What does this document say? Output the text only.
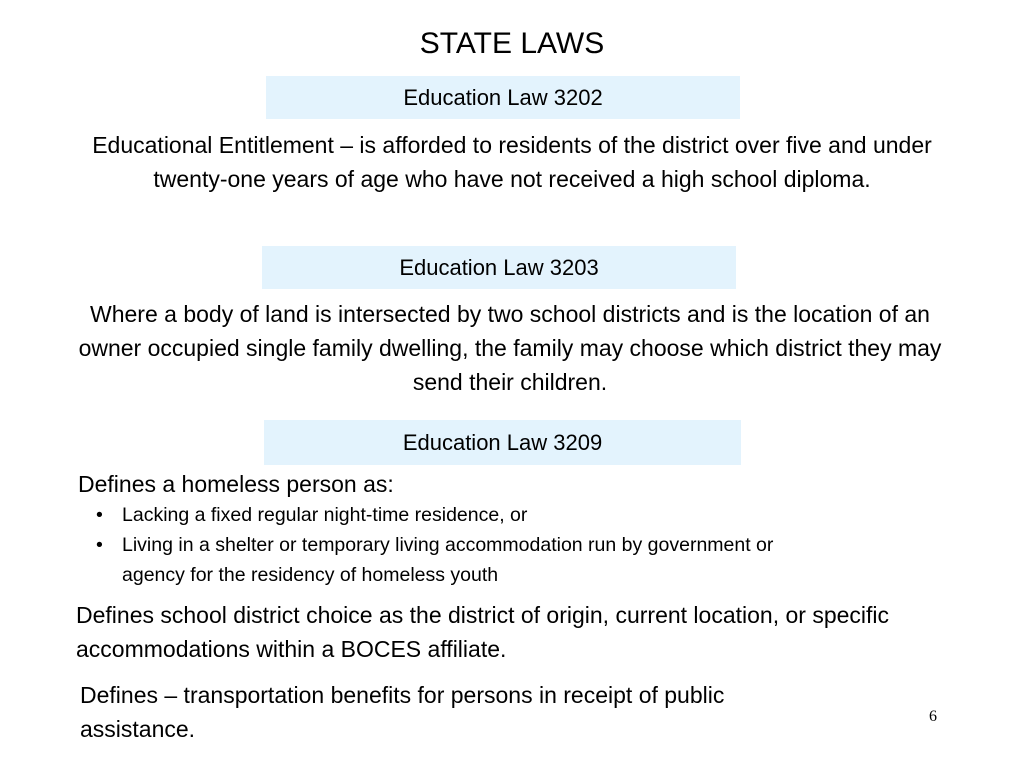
STATE LAWS
Education Law 3202

Educational Entitlement – is afforded to residents of the district over five and under twenty-one years of age who have not received a high school diploma.

Education Law 3203

Where a body of land is intersected by two school districts and is the location of an owner occupied single family dwelling, the family may choose which district they may send their children.

Education Law 3209

Defines a homeless person as:

• Lacking a fixed regular night-time residence, or
• Living in a shelter or temporary living accommodation run by government or agency for the residency of homeless youth

Defines school district choice as the district of origin, current location, or specific accommodations within a BOCES affiliate.

Defines – transportation benefits for persons in receipt of public assistance.	6
